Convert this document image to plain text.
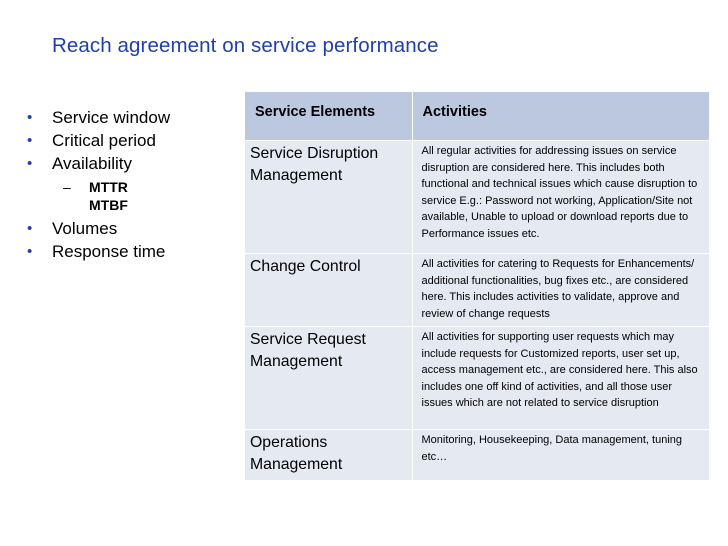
Reach agreement on service performance
• Service window
• Critical period
• Availability
– MTTR
MTBF
• Volumes
• Response time
Service Elements	Activities

Service Disruption Management	All regular activities for addressing issues on service disruption are considered here. This includes both functional and technical issues which cause disruption to service E.g.: Password not working, Application/Site not available, Unable to upload or download reports due to Performance issues etc.

Change Control	All activities for catering to Requests for Enhancements/ additional functionalities, bug fixes etc., are considered here. This includes activities to validate, approve and review of change requests

Service Request Management	All activities for supporting user requests which may include requests for Customized reports, user set up, access management etc., are considered here. This also includes one off kind of activities, and all those user issues which are not related to service disruption

Operations Management	Monitoring, Housekeeping, Data management, tuning etc…
